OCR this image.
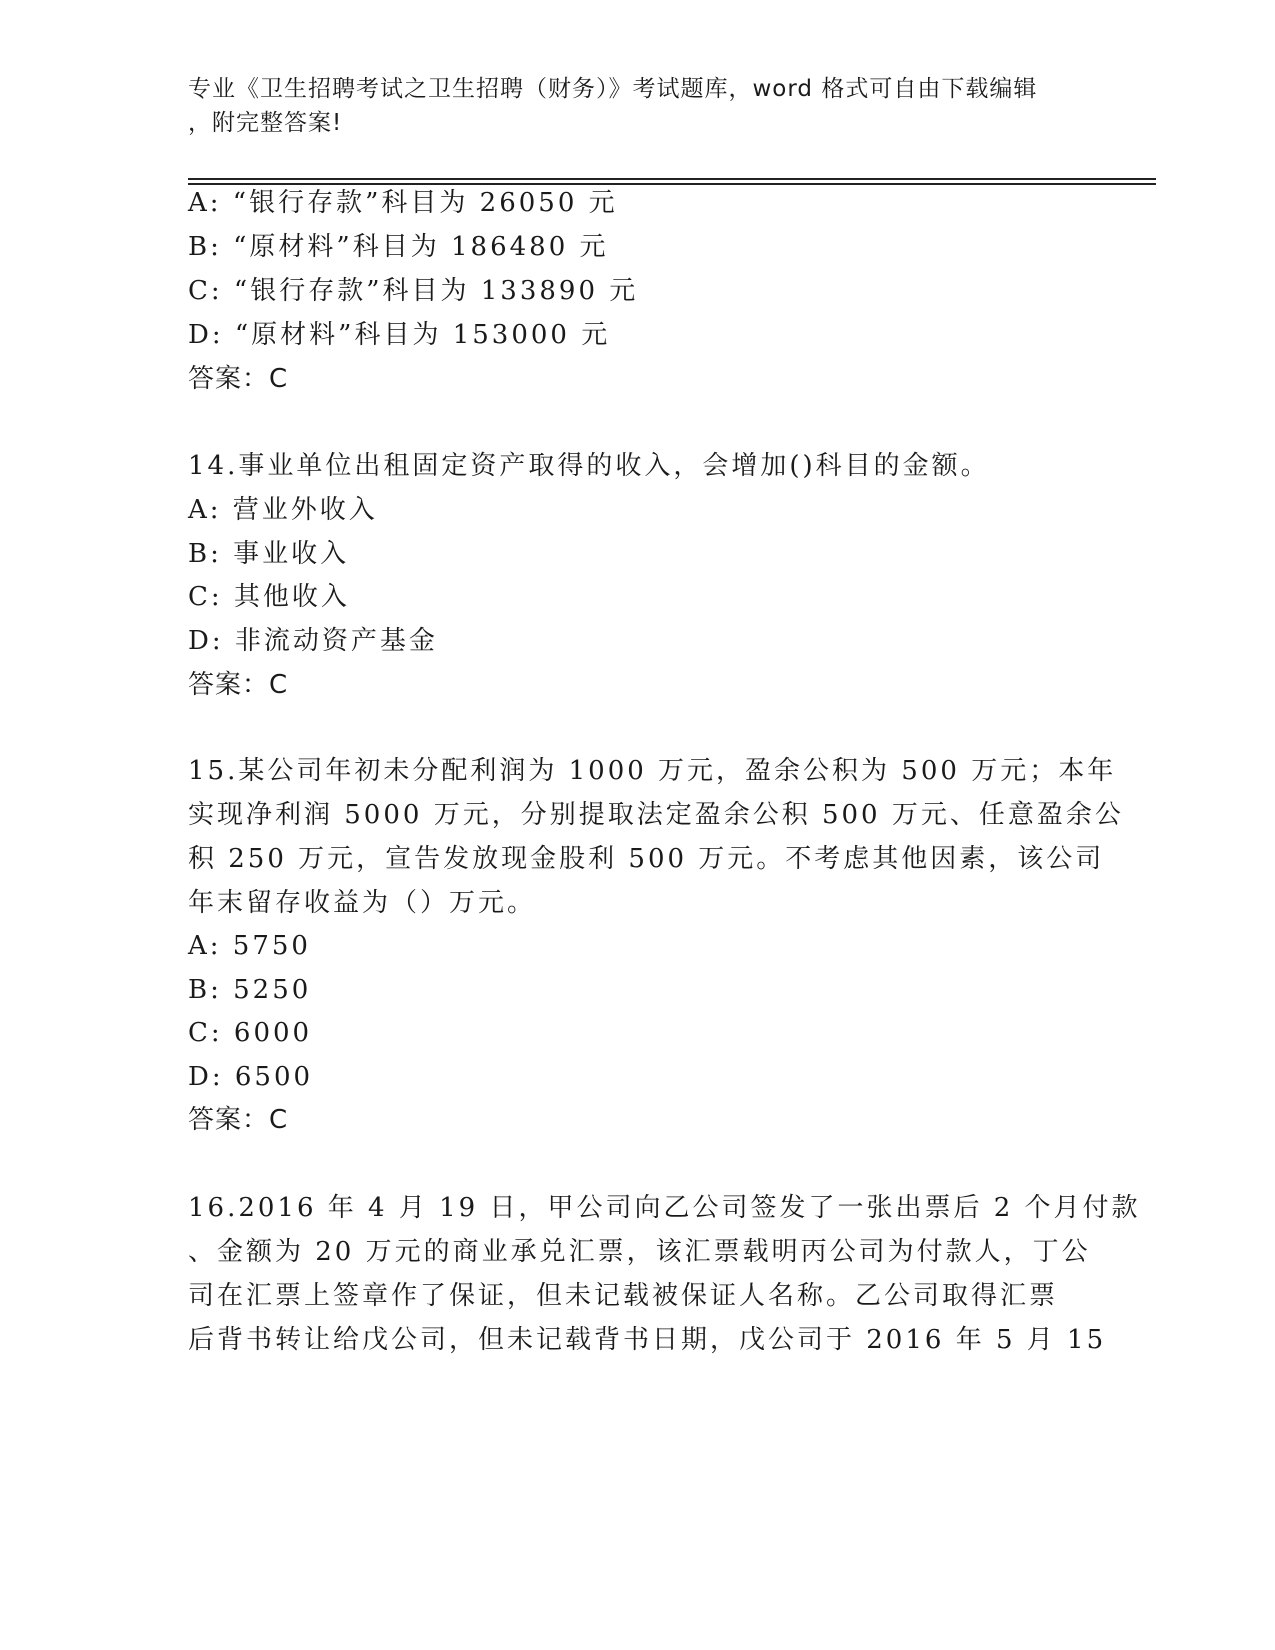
专业《卫生招聘考试之卫生招聘（财务）》考试题库，word 格式可自由下载编辑
，附完整答案!
A: “银行存款”科目为 26050 元
B: “原材料”科目为 186480 元
C: “银行存款”科目为 133890 元
D: “原材料”科目为 153000 元
答案：C
14.事业单位出租固定资产取得的收入，会增加()科目的金额。
A: 营业外收入
B: 事业收入
C: 其他收入
D: 非流动资产基金
答案：C
15.某公司年初未分配利润为 1000 万元，盈余公积为 500 万元；本年
实现净利润 5000 万元，分别提取法定盈余公积 500 万元、任意盈余公
积 250 万元，宣告发放现金股利 500 万元。不考虑其他因素，该公司
年末留存收益为（）万元。
A: 5750
B: 5250
C: 6000
D: 6500
答案：C
16.2016 年 4 月 19 日，甲公司向乙公司签发了一张出票后 2 个月付款
、金额为 20 万元的商业承兑汇票，该汇票载明丙公司为付款人，丁公
司在汇票上签章作了保证，但未记载被保证人名称。乙公司取得汇票
后背书转让给戊公司，但未记载背书日期，戊公司于 2016 年 5 月 15
